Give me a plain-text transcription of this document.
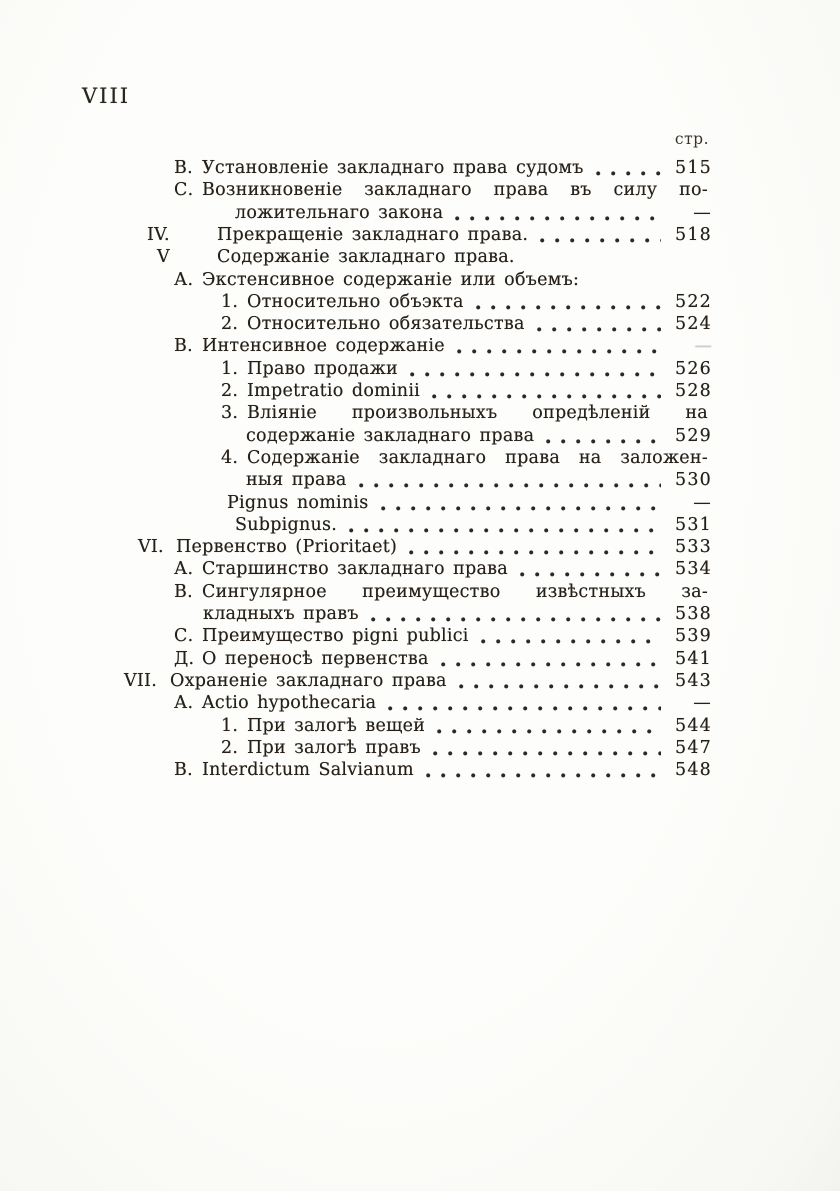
VIII
стр.
В. Установленіе закладнаго права судомъ	515
С. Возникновеніе закладнаго права въ силу по-
ложительнаго закона	—
IV.	Прекращеніе закладнаго права.	518
V	Содержаніе закладнаго права.
А. Экстенсивное содержаніе или объемъ:
1. Относительно объэкта	522
2. Относительно обязательства	524
В. Интенсивное содержаніе	—
1. Право продажи	526
2. Impetratio dominii	528
3. Вліяніе произвольныхъ опредѣленій на
содержаніе закладнаго права	529
4. Содержаніе закладнаго права на заложен-
ныя права	530
Pignus nominis	—
Subpignus.	531
VI. Первенство (Prioritaet)	533
А. Старшинство закладнаго права	534
В. Сингулярное преимущество извѣстныхъ за-
кладныхъ правъ	538
С. Преимущество pigni publici	539
Д. О переносѣ первенства	541
VII. Охраненіе закладнаго права	543
А. Actio hypothecaria	—
1. При залогѣ вещей	544
2. При залогѣ правъ	547
B. Interdictum Salvianum	548
